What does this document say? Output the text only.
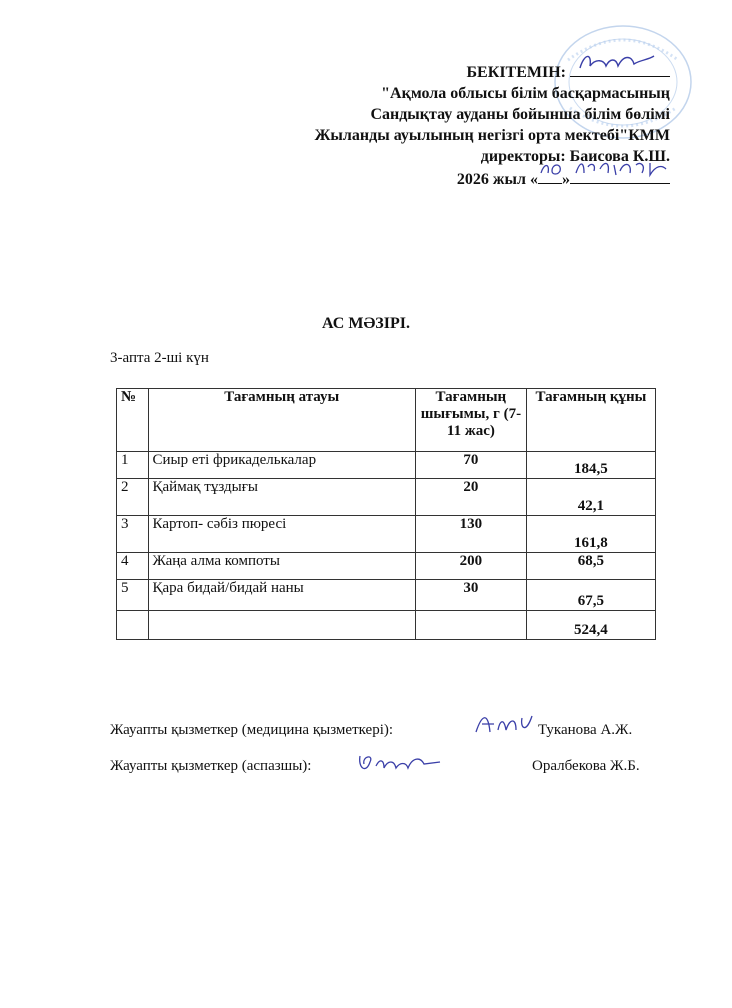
БЕКІТЕМІН:
"Ақмола облысы білім басқармасының
Сандықтау ауданы бойынша білім бөлімі
Жыланды ауылының негізгі орта мектебі"КММ
директоры: Баисова К.Ш.
2026 жыл « »
АС МӘЗІРІ.
3-апта 2-ші күн
№	Тағамның атауы	Тағамның шығымы, г (7-11 жас)	Тағамның құны
1	Сиыр еті фрикаделькалар	70	184,5
2	Қаймақ тұздығы	20	42,1
3	Картоп- сәбіз пюресі	130	161,8
4	Жаңа алма компоты	200	68,5
5	Қара бидай/бидай наны	30	67,5
			524,4
Жауапты қызметкер (медицина қызметкері):	Туканова А.Ж.
Жауапты қызметкер (аспазшы):	Оралбекова Ж.Б.
